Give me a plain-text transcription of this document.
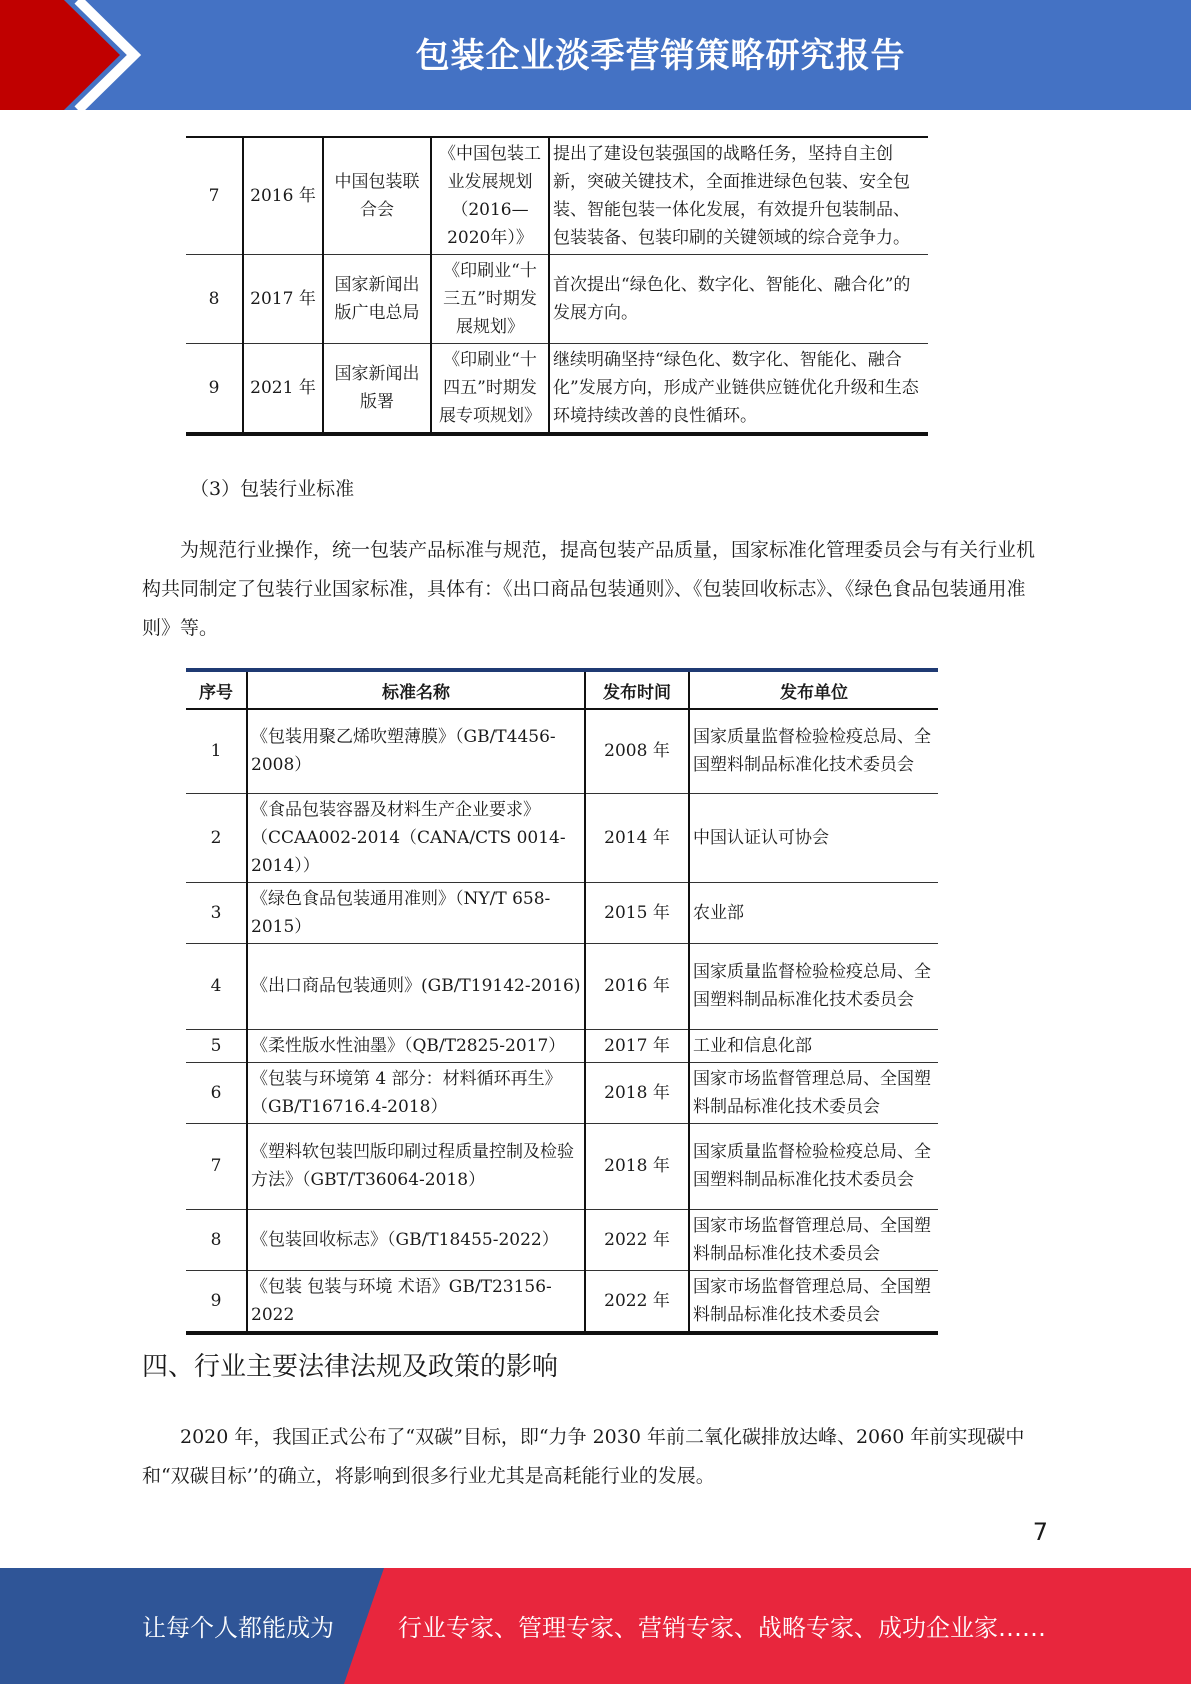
包装企业淡季营销策略研究报告
7	2016 年	中国包装联合会	《中国包装工业发展规划（2016—2020年）》	提出了建设包装强国的战略任务，坚持自主创新，突破关键技术，全面推进绿色包装、安全包装、智能包装一体化发展，有效提升包装制品、包装装备、包装印刷的关键领域的综合竞争力。
8	2017 年	国家新闻出版广电总局	《印刷业“十三五”时期发展规划》	首次提出“绿色化、数字化、智能化、融合化”的发展方向。
9	2021 年	国家新闻出版署	《印刷业“十四五”时期发展专项规划》	继续明确坚持“绿色化、数字化、智能化、融合化”发展方向，形成产业链供应链优化升级和生态环境持续改善的良性循环。
（3）包装行业标准

为规范行业操作，统一包装产品标准与规范，提高包装产品质量，国家标准化管理委员会与有关行业机构共同制定了包装行业国家标准，具体有：《出口商品包装通则》、《包装回收标志》、《绿色食品包装通用准则》等。

序号	标准名称	发布时间	发布单位
1	《包装用聚乙烯吹塑薄膜》（GB/T4456-2008）	2008 年	国家质量监督检验检疫总局、全国塑料制品标准化技术委员会
2	《食品包装容器及材料生产企业要求》（CCAA002-2014（CANA/CTS 0014-2014））	2014 年	中国认证认可协会
3	《绿色食品包装通用准则》（NY/T 658-2015）	2015 年	农业部
4	《出口商品包装通则》(GB/T19142-2016)	2016 年	国家质量监督检验检疫总局、全国塑料制品标准化技术委员会
5	《柔性版水性油墨》（QB/T2825-2017）	2017 年	工业和信息化部
6	《包装与环境第 4 部分：材料循环再生》（GB/T16716.4-2018）	2018 年	国家市场监督管理总局、全国塑料制品标准化技术委员会
7	《塑料软包装凹版印刷过程质量控制及检验方法》（GBT/T36064-2018）	2018 年	国家质量监督检验检疫总局、全国塑料制品标准化技术委员会
8	《包装回收标志》（GB/T18455-2022）	2022 年	国家市场监督管理总局、全国塑料制品标准化技术委员会
9	《包装 包装与环境 术语》GB/T23156-2022	2022 年	国家市场监督管理总局、全国塑料制品标准化技术委员会
四、行业主要法律法规及政策的影响

2020 年，我国正式公布了“双碳”目标，即“力争 2030 年前二氧化碳排放达峰、2060 年前实现碳中和“双碳目标’’的确立，将影响到很多行业尤其是高耗能行业的发展。

7
让每个人都能成为	行业专家、管理专家、营销专家、战略专家、成功企业家……
